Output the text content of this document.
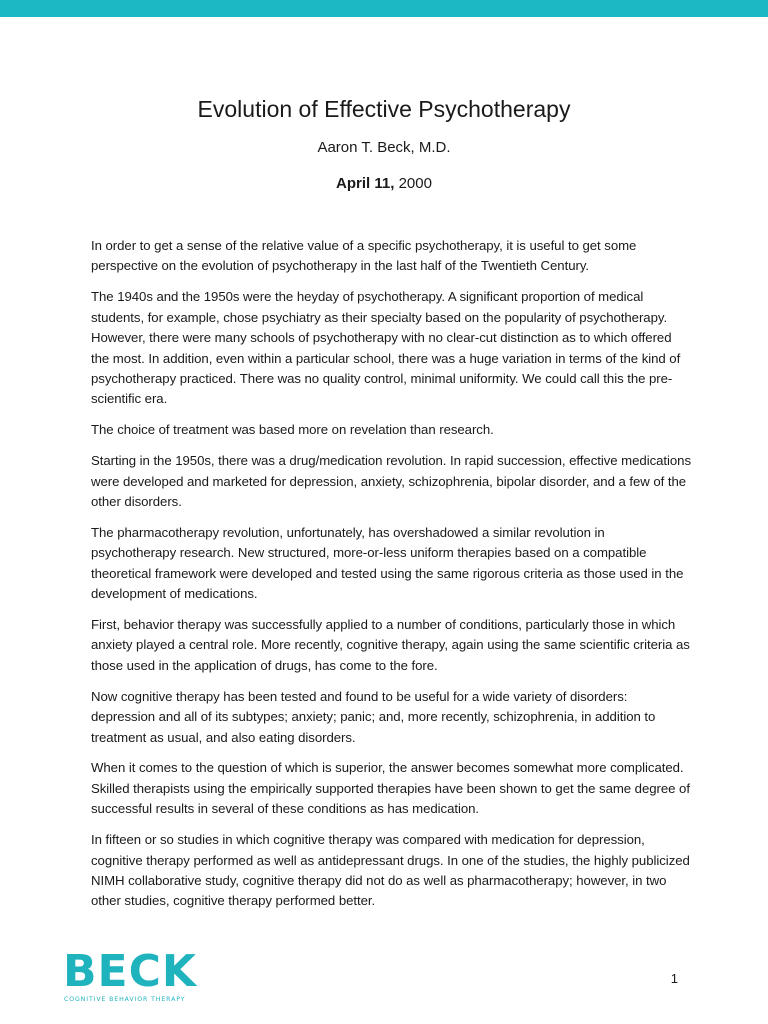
Evolution of Effective Psychotherapy
Aaron T. Beck, M.D.
April 11, 2000

In order to get a sense of the relative value of a specific psychotherapy, it is useful to get some perspective on the evolution of psychotherapy in the last half of the Twentieth Century.

The 1940s and the 1950s were the heyday of psychotherapy. A significant proportion of medical students, for example, chose psychiatry as their specialty based on the popularity of psychotherapy. However, there were many schools of psychotherapy with no clear-cut distinction as to which offered the most. In addition, even within a particular school, there was a huge variation in terms of the kind of psychotherapy practiced. There was no quality control, minimal uniformity. We could call this the pre-scientific era.

The choice of treatment was based more on revelation than research.

Starting in the 1950s, there was a drug/medication revolution. In rapid succession, effective medications were developed and marketed for depression, anxiety, schizophrenia, bipolar disorder, and a few of the other disorders.

The pharmacotherapy revolution, unfortunately, has overshadowed a similar revolution in psychotherapy research. New structured, more-or-less uniform therapies based on a compatible theoretical framework were developed and tested using the same rigorous criteria as those used in the development of medications.

First, behavior therapy was successfully applied to a number of conditions, particularly those in which anxiety played a central role. More recently, cognitive therapy, again using the same scientific criteria as those used in the application of drugs, has come to the fore.

Now cognitive therapy has been tested and found to be useful for a wide variety of disorders: depression and all of its subtypes; anxiety; panic; and, more recently, schizophrenia, in addition to treatment as usual, and also eating disorders.

When it comes to the question of which is superior, the answer becomes somewhat more complicated. Skilled therapists using the empirically supported therapies have been shown to get the same degree of successful results in several of these conditions as has medication.

In fifteen or so studies in which cognitive therapy was compared with medication for depression, cognitive therapy performed as well as antidepressant drugs. In one of the studies, the highly publicized NIMH collaborative study, cognitive therapy did not do as well as pharmacotherapy; however, in two other studies, cognitive therapy performed better.

BECK
COGNITIVE BEHAVIOR THERAPY
1
